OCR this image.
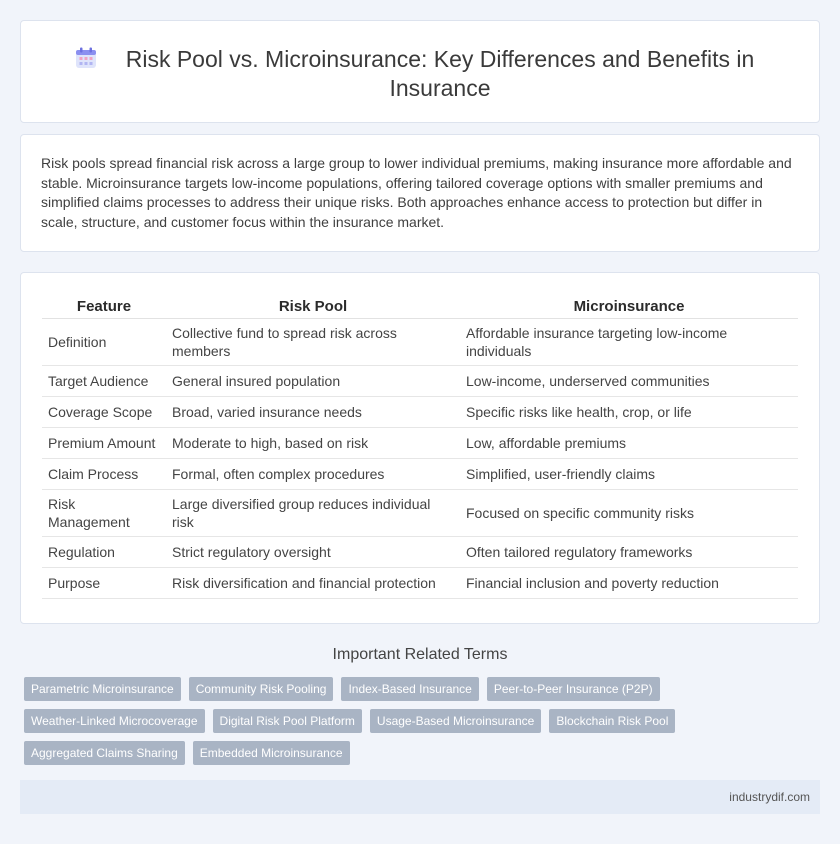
Risk Pool vs. Microinsurance: Key Differences and Benefits in Insurance

Risk pools spread financial risk across a large group to lower individual premiums, making insurance more affordable and stable. Microinsurance targets low-income populations, offering tailored coverage options with smaller premiums and simplified claims processes to address their unique risks. Both approaches enhance access to protection but differ in scale, structure, and customer focus within the insurance market.

Feature	Risk Pool	Microinsurance
Definition	Collective fund to spread risk across members	Affordable insurance targeting low-income individuals
Target Audience	General insured population	Low-income, underserved communities
Coverage Scope	Broad, varied insurance needs	Specific risks like health, crop, or life
Premium Amount	Moderate to high, based on risk	Low, affordable premiums
Claim Process	Formal, often complex procedures	Simplified, user-friendly claims
Risk Management	Large diversified group reduces individual risk	Focused on specific community risks
Regulation	Strict regulatory oversight	Often tailored regulatory frameworks
Purpose	Risk diversification and financial protection	Financial inclusion and poverty reduction
Important Related Terms
Parametric Microinsurance	Community Risk Pooling	Index-Based Insurance	Peer-to-Peer Insurance (P2P)
Weather-Linked Microcoverage	Digital Risk Pool Platform	Usage-Based Microinsurance	Blockchain Risk Pool
Aggregated Claims Sharing	Embedded Microinsurance
industrydif.com
